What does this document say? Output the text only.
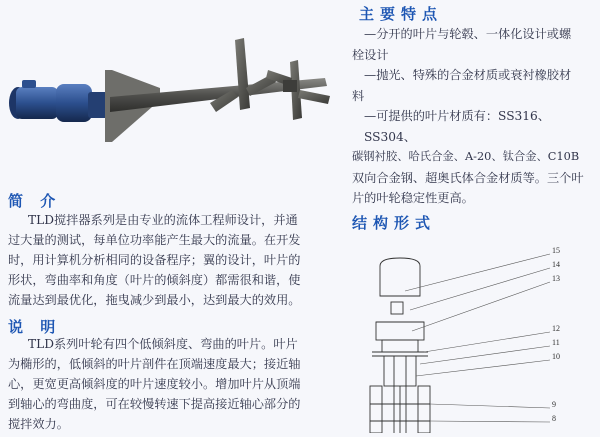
主要特点

—分开的叶片与轮毂、一体化设计或螺

栓设计

—抛光、特殊的合金材质或衰衬橡胶材

料

—可提供的叶片材质有：SS316、SS304、

碳钢衬胶、哈氏合金、A-20、钛合金、C10B

双向合金钢、超奥氏体合金材质等。三个叶

片的叶轮稳定性更高。

简 介

TLD搅拌器系列是由专业的流体工程师设计，并通

过大量的测试，每单位功率能产生最大的流量。在开发

时，用计算机分析相同的设备程序；翼的设计，叶片的

形状，弯曲率和角度（叶片的倾斜度）都需很和谐，使

流量达到最优化，拖曳减少到最小，达到最大的效用。

说 明

TLD系列叶轮有四个低倾斜度、弯曲的叶片。叶片

为椭形的，低倾斜的叶片剖件在顶端速度最大；接近轴

心，更宽更高倾斜度的叶片速度较小。增加叶片从顶端

到轴心的弯曲度，可在较慢转速下提高接近轴心部分的

搅拌效力。

结构形式
15
14
13
12
11
10
9
8
